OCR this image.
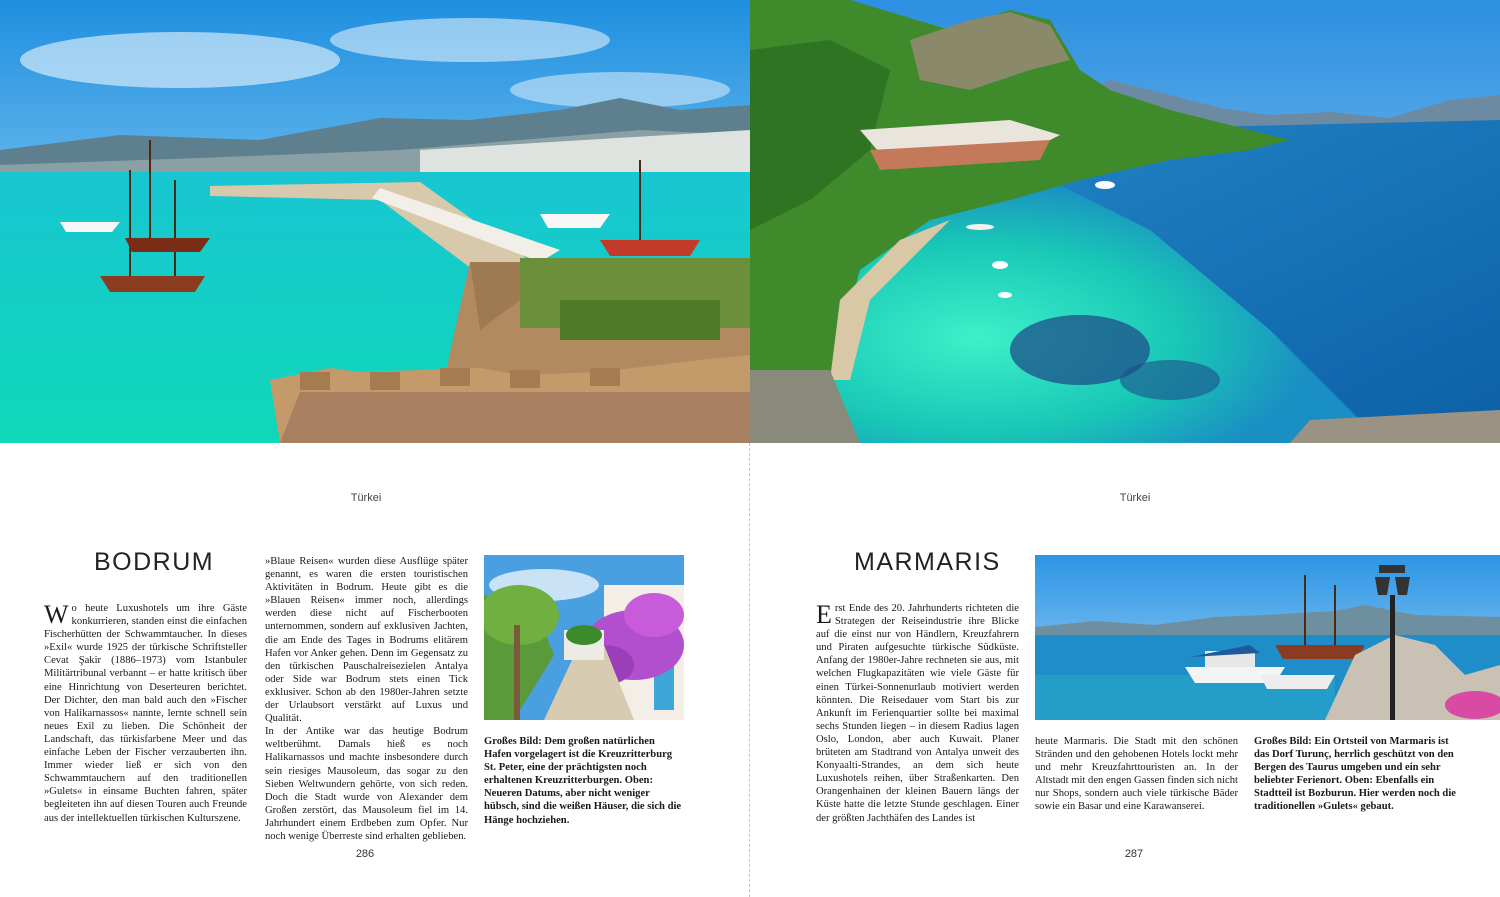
Türkei
BODRUM
Wo heute Luxushotels um ihre Gäste konkurrieren, standen einst die einfachen Fischerhütten der Schwammtaucher. In dieses »Exil« wurde 1925 der türkische Schriftsteller Cevat Şakir (1886–1973) vom Istanbuler Militärtribunal verbannt – er hatte kritisch über eine Hinrichtung von Deserteuren berichtet. Der Dichter, den man bald auch den »Fischer von Halikarnassos« nannte, lernte schnell sein neues Exil zu lieben. Die Schönheit der Landschaft, das türkisfarbene Meer und das einfache Leben der Fischer verzauberten ihn. Immer wieder ließ er sich von den Schwammtauchern auf den traditionellen »Gulets« in einsame Buchten fahren, später begleiteten ihn auf diesen Touren auch Freunde aus der intellektuellen türkischen Kulturszene.
»Blaue Reisen« wurden diese Ausflüge später genannt, es waren die ersten touristischen Aktivitäten in Bodrum. Heute gibt es die »Blauen Reisen« immer noch, allerdings werden diese nicht auf Fischerbooten unternommen, sondern auf exklusiven Jachten, die am Ende des Tages in Bodrums elitärem Hafen vor Anker gehen. Denn im Gegensatz zu den türkischen Pauschalreisezielen Antalya oder Side war Bodrum stets einen Tick exklusiver. Schon ab den 1980er-Jahren setzte der Urlaubsort verstärkt auf Luxus und Qualität.
In der Antike war das heutige Bodrum weltberühmt. Damals hieß es noch Halikarnassos und machte insbesondere durch sein riesiges Mausoleum, das sogar zu den Sieben Weltwundern gehörte, von sich reden. Doch die Stadt wurde von Alexander dem Großen zerstört, das Mausoleum fiel im 14. Jahrhundert einem Erdbeben zum Opfer. Nur noch wenige Überreste sind erhalten geblieben.

Großes Bild: Dem großen natürlichen Hafen vorgelagert ist die Kreuzritterburg St. Peter, eine der prächtigsten noch erhaltenen Kreuzritterburgen. Oben: Neueren Datums, aber nicht weniger hübsch, sind die weißen Häuser, die sich die Hänge hochziehen.

286
Türkei
MARMARIS
Erst Ende des 20. Jahrhunderts richteten die Strategen der Reiseindustrie ihre Blicke auf die einst nur von Händlern, Kreuzfahrern und Piraten aufgesuchte türkische Südküste. Anfang der 1980er-Jahre rechneten sie aus, mit welchen Flugkapazitäten wie viele Gäste für einen Türkei-Sonnenurlaub motiviert werden könnten. Die Reisedauer vom Start bis zur Ankunft im Ferienquartier sollte bei maximal sechs Stunden liegen – in diesem Radius lagen Oslo, London, aber auch Kuwait. Planer brüteten am Stadtrand von Antalya unweit des Konyaalti-Strandes, an dem sich heute Luxushotels reihen, über Straßenkarten. Den Orangenhainen der kleinen Bauern längs der Küste hatte die letzte Stunde geschlagen. Einer der größten Jachthäfen des Landes ist
heute Marmaris. Die Stadt mit den schönen Stränden und den gehobenen Hotels lockt mehr und mehr Kreuzfahrttouristen an. In der Altstadt mit den engen Gassen finden sich nicht nur Shops, sondern auch viele türkische Bäder sowie ein Basar und eine Karawanserei.

Großes Bild: Ein Ortsteil von Marmaris ist das Dorf Turunç, herrlich geschützt von den Bergen des Taurus umgeben und ein sehr beliebter Ferienort. Oben: Ebenfalls ein Stadtteil ist Bozburun. Hier werden noch die traditionellen »Gulets« gebaut.

287
